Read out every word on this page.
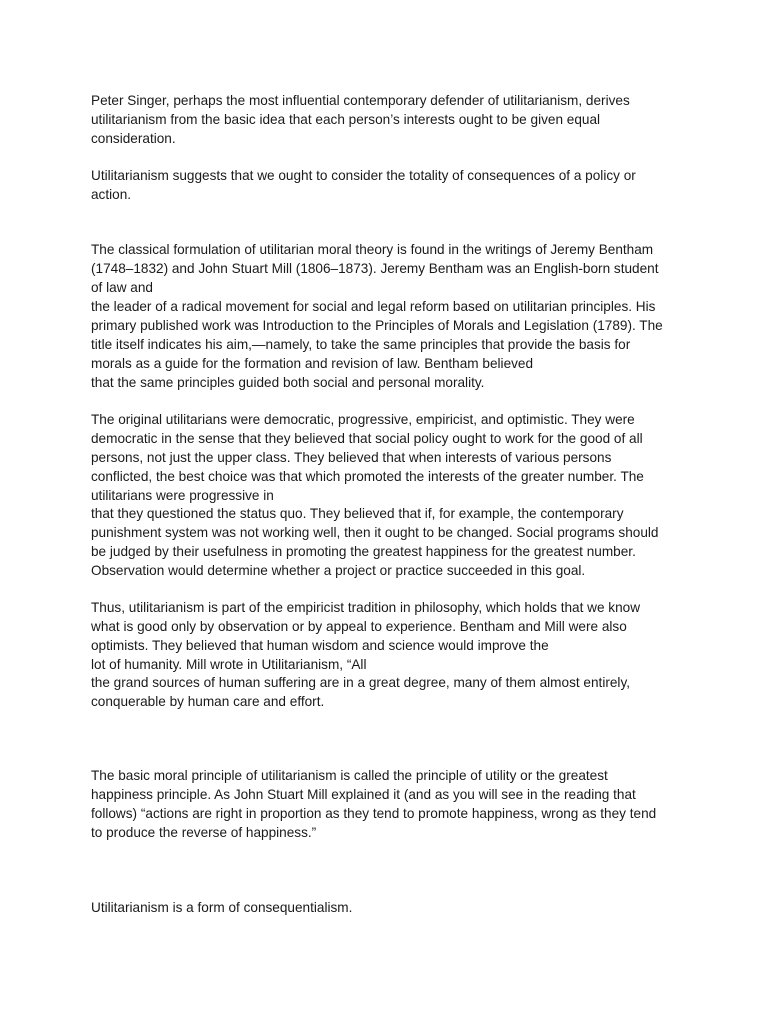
Peter Singer, perhaps the most influential contemporary defender of utilitarianism, derives

utilitarianism from the basic idea that each person’s interests ought to be given equal

consideration.

Utilitarianism suggests that we ought to consider the totality of consequences of a policy or

action.

The classical formulation of utilitarian moral theory is found in the writings of Jeremy Bentham

(1748–1832) and John Stuart Mill (1806–1873). Jeremy Bentham was an English-born student

of law and

the leader of a radical movement for social and legal reform based on utilitarian principles. His

primary published work was Introduction to the Principles of Morals and Legislation (1789). The

title itself indicates his aim,—namely, to take the same principles that provide the basis for

morals as a guide for the formation and revision of law. Bentham believed

that the same principles guided both social and personal morality.

The original utilitarians were democratic, progressive, empiricist, and optimistic. They were

democratic in the sense that they believed that social policy ought to work for the good of all

persons, not just the upper class. They believed that when interests of various persons

conflicted, the best choice was that which promoted the interests of the greater number. The

utilitarians were progressive in

that they questioned the status quo. They believed that if, for example, the contemporary

punishment system was not working well, then it ought to be changed. Social programs should

be judged by their usefulness in promoting the greatest happiness for the greatest number.

Observation would determine whether a project or practice succeeded in this goal.

Thus, utilitarianism is part of the empiricist tradition in philosophy, which holds that we know

what is good only by observation or by appeal to experience. Bentham and Mill were also

optimists. They believed that human wisdom and science would improve the

lot of humanity. Mill wrote in Utilitarianism, “All

the grand sources of human suffering are in a great degree, many of them almost entirely,

conquerable by human care and effort.

The basic moral principle of utilitarianism is called the principle of utility or the greatest

happiness principle. As John Stuart Mill explained it (and as you will see in the reading that

follows) “actions are right in proportion as they tend to promote happiness, wrong as they tend

to produce the reverse of happiness.”

Utilitarianism is a form of consequentialism.
